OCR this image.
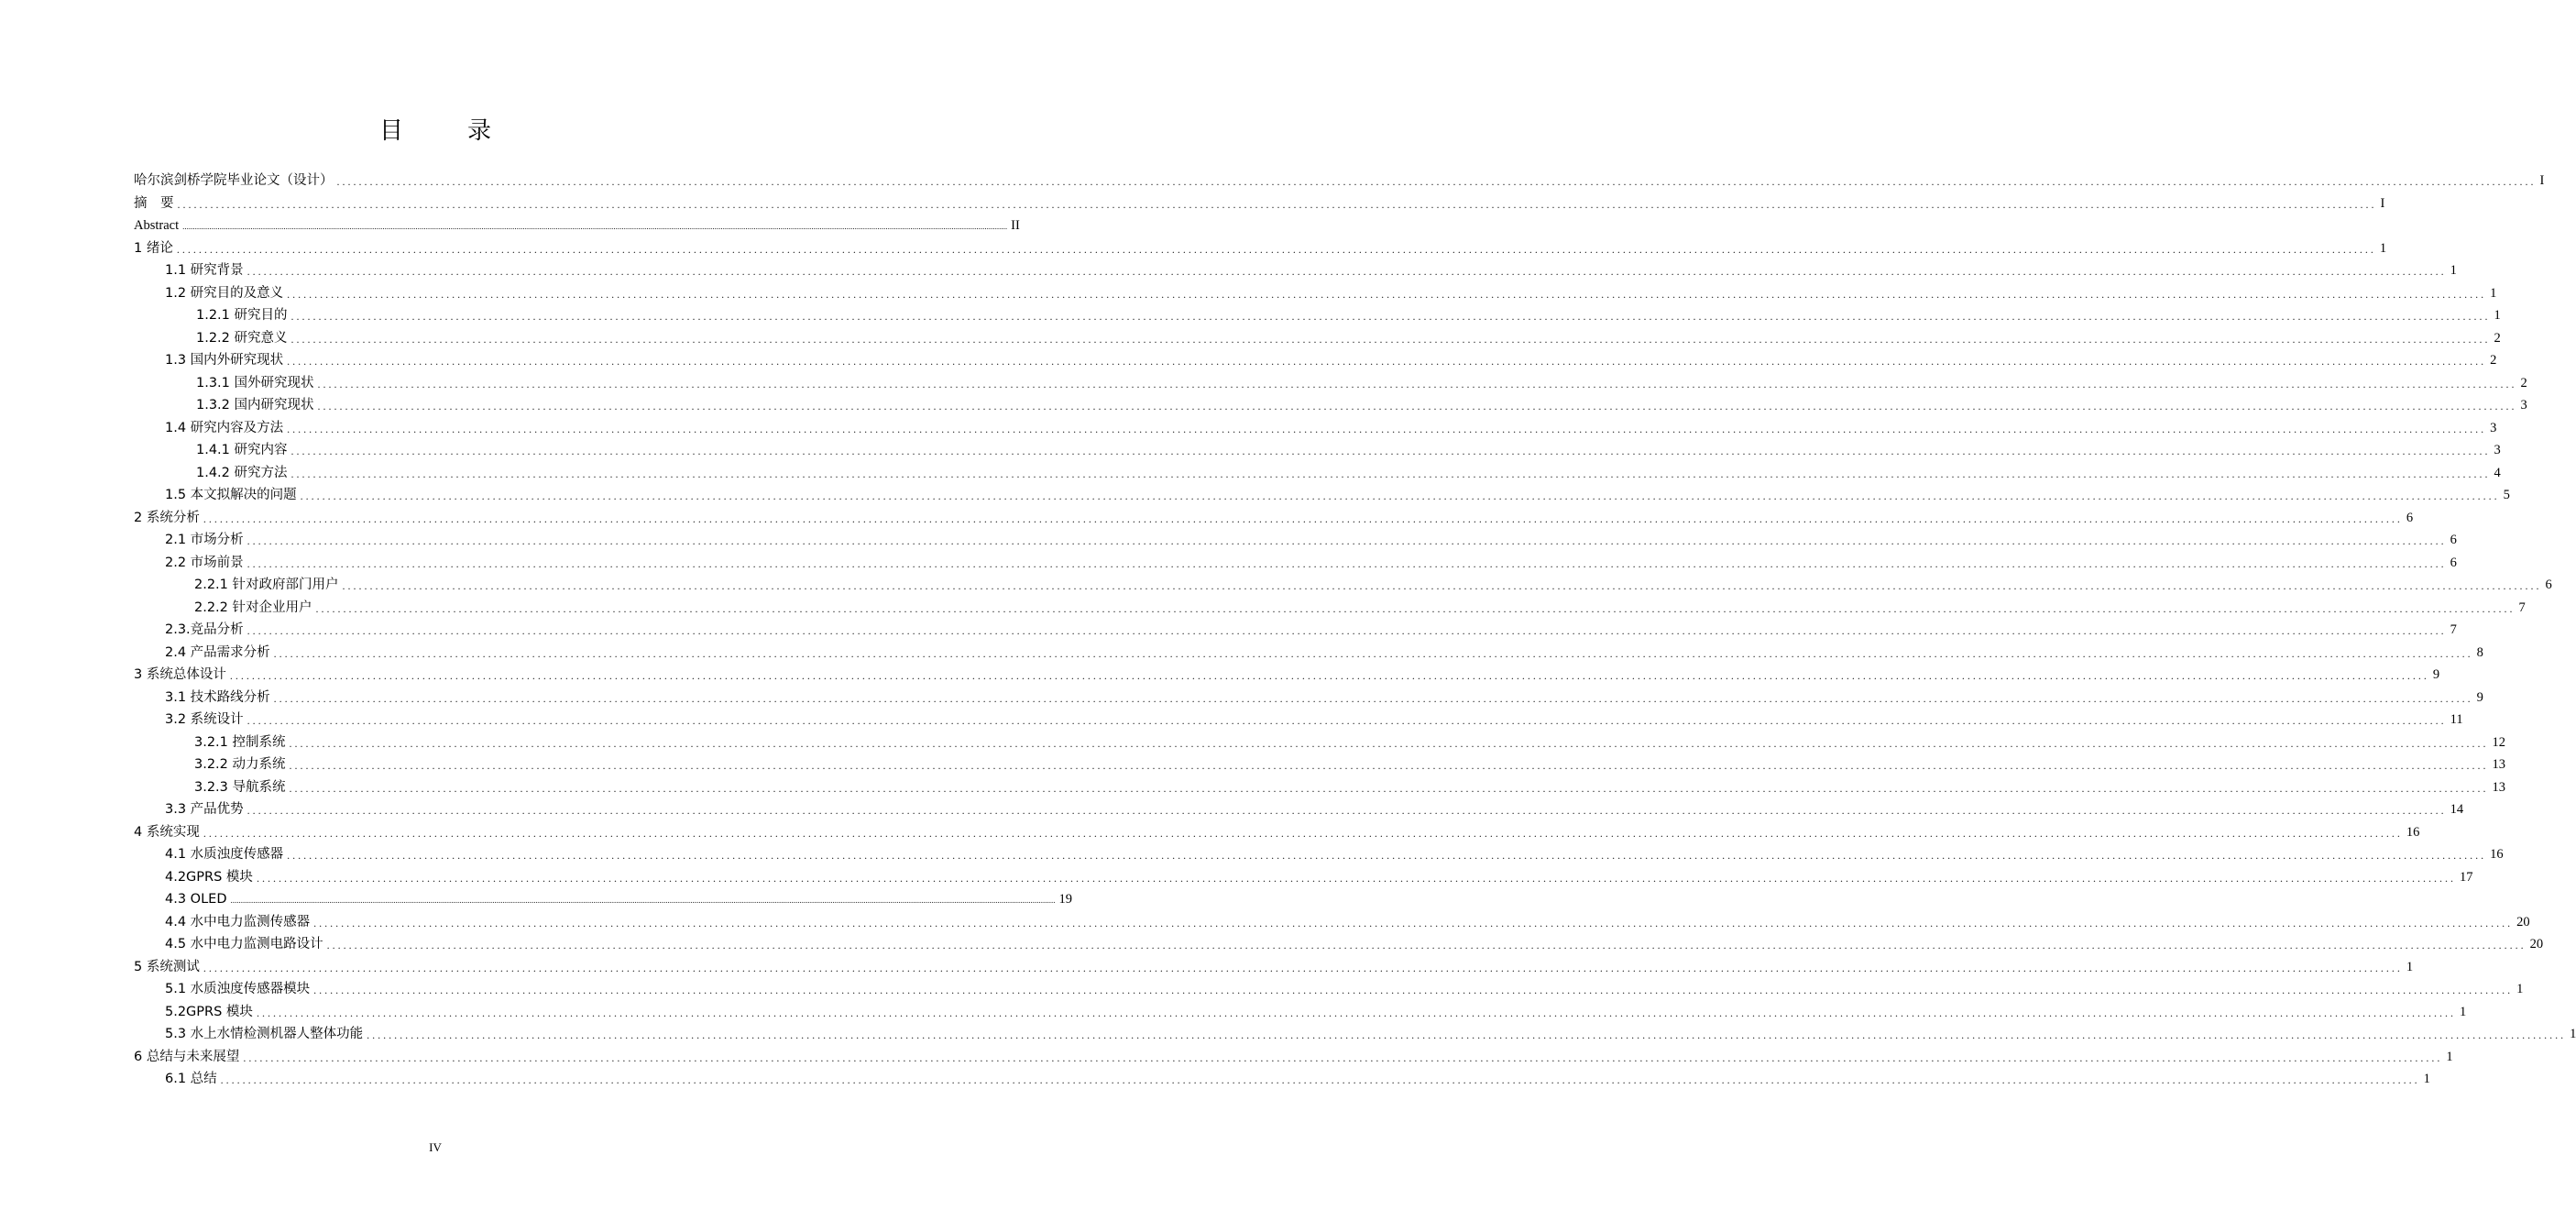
目　录
哈尔滨剑桥学院毕业论文（设计） ................................................................................................................................................................................................................................................................................................................................................................................................................ I
摘　要 ................................................................................................................................................................................................................................................................................................................................................................................................................ I
Abstract ................................................................................................................................................................................................................................................................................................................................................................................................................ II
1 绪论 ................................................................................................................................................................................................................................................................................................................................................................................................................ 1
1.1 研究背景 ................................................................................................................................................................................................................................................................................................................................................................................................................ 1
1.2 研究目的及意义 ................................................................................................................................................................................................................................................................................................................................................................................................................ 1
1.2.1 研究目的 ................................................................................................................................................................................................................................................................................................................................................................................................................ 1
1.2.2 研究意义 ................................................................................................................................................................................................................................................................................................................................................................................................................ 2
1.3 国内外研究现状 ................................................................................................................................................................................................................................................................................................................................................................................................................ 2
1.3.1 国外研究现状 ................................................................................................................................................................................................................................................................................................................................................................................................................ 2
1.3.2 国内研究现状 ................................................................................................................................................................................................................................................................................................................................................................................................................ 3
1.4 研究内容及方法 ................................................................................................................................................................................................................................................................................................................................................................................................................ 3
1.4.1 研究内容 ................................................................................................................................................................................................................................................................................................................................................................................................................ 3
1.4.2 研究方法 ................................................................................................................................................................................................................................................................................................................................................................................................................ 4
1.5 本文拟解决的问题 ................................................................................................................................................................................................................................................................................................................................................................................................................ 5
2 系统分析 ................................................................................................................................................................................................................................................................................................................................................................................................................ 6
2.1 市场分析 ................................................................................................................................................................................................................................................................................................................................................................................................................ 6
2.2 市场前景 ................................................................................................................................................................................................................................................................................................................................................................................................................ 6
2.2.1 针对政府部门用户 ................................................................................................................................................................................................................................................................................................................................................................................................................ 6
2.2.2 针对企业用户 ................................................................................................................................................................................................................................................................................................................................................................................................................ 7
2.3.竞品分析 ................................................................................................................................................................................................................................................................................................................................................................................................................ 7
2.4 产品需求分析 ................................................................................................................................................................................................................................................................................................................................................................................................................ 8
3 系统总体设计 ................................................................................................................................................................................................................................................................................................................................................................................................................ 9
3.1 技术路线分析 ................................................................................................................................................................................................................................................................................................................................................................................................................ 9
3.2 系统设计 ................................................................................................................................................................................................................................................................................................................................................................................................................ 11
3.2.1 控制系统 ................................................................................................................................................................................................................................................................................................................................................................................................................ 12
3.2.2 动力系统 ................................................................................................................................................................................................................................................................................................................................................................................................................ 13
3.2.3 导航系统 ................................................................................................................................................................................................................................................................................................................................................................................................................ 13
3.3 产品优势 ................................................................................................................................................................................................................................................................................................................................................................................................................ 14
4 系统实现 ................................................................................................................................................................................................................................................................................................................................................................................................................ 16
4.1 水质浊度传感器 ................................................................................................................................................................................................................................................................................................................................................................................................................ 16
4.2GPRS 模块 ................................................................................................................................................................................................................................................................................................................................................................................................................ 17
4.3 OLED ................................................................................................................................................................................................................................................................................................................................................................................................................ 19
4.4 水中电力监测传感器 ................................................................................................................................................................................................................................................................................................................................................................................................................ 20
4.5 水中电力监测电路设计 ................................................................................................................................................................................................................................................................................................................................................................................................................ 20
5 系统测试 ................................................................................................................................................................................................................................................................................................................................................................................................................ 1
5.1 水质浊度传感器模块 ................................................................................................................................................................................................................................................................................................................................................................................................................ 1
5.2GPRS 模块 ................................................................................................................................................................................................................................................................................................................................................................................................................ 1
5.3 水上水情检测机器人整体功能 ................................................................................................................................................................................................................................................................................................................................................................................................................ 1
6 总结与未来展望 ................................................................................................................................................................................................................................................................................................................................................................................................................ 1
6.1 总结 ................................................................................................................................................................................................................................................................................................................................................................................................................ 1
IV
